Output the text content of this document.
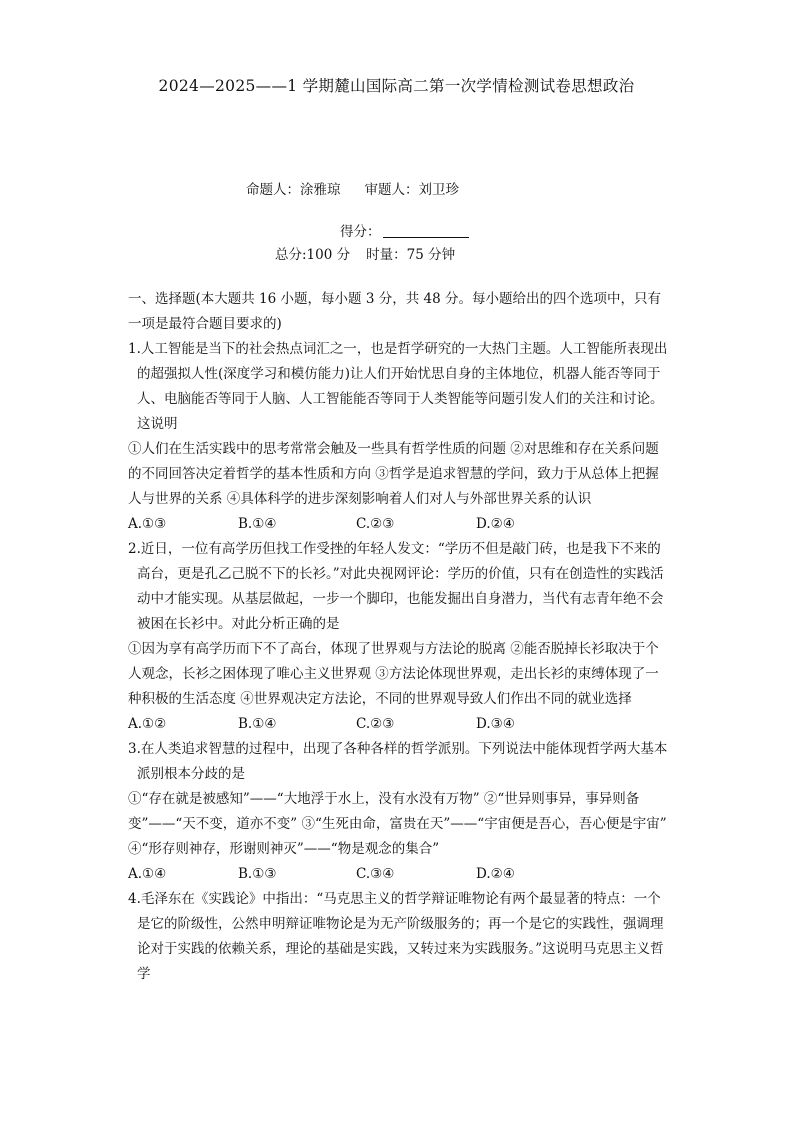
2024—2025——1 学期麓山国际高二第一次学情检测试卷思想政治
命题人：涂雅琼 审题人：刘卫珍
得分：
总分:100 分 时量：75 分钟

一、选择题(本大题共 16 小题，每小题 3 分，共 48 分。每小题给出的四个选项中，只有一项是最符合题目要求的)

1.人工智能是当下的社会热点词汇之一，也是哲学研究的一大热门主题。人工智能所表现出的超强拟人性(深度学习和模仿能力)让人们开始忧思自身的主体地位，机器人能否等同于人、电脑能否等同于人脑、人工智能能否等同于人类智能等问题引发人们的关注和讨论。这说明

①人们在生活实践中的思考常常会触及一些具有哲学性质的问题 ②对思维和存在关系问题的不同回答决定着哲学的基本性质和方向 ③哲学是追求智慧的学问，致力于从总体上把握人与世界的关系 ④具体科学的进步深刻影响着人们对人与外部世界关系的认识

A.①③	B.①④	C.②③	D.②④

2.近日，一位有高学历但找工作受挫的年轻人发文：“学历不但是敲门砖，也是我下不来的高台，更是孔乙己脱不下的长衫。”对此央视网评论：学历的价值，只有在创造性的实践活动中才能实现。从基层做起，一步一个脚印，也能发掘出自身潜力，当代有志青年绝不会被困在长衫中。对此分析正确的是

①因为享有高学历而下不了高台，体现了世界观与方法论的脱离 ②能否脱掉长衫取决于个人观念，长衫之困体现了唯心主义世界观 ③方法论体现世界观，走出长衫的束缚体现了一种积极的生活态度 ④世界观决定方法论，不同的世界观导致人们作出不同的就业选择

A.①②	B.①④	C.②③	D.③④

3.在人类追求智慧的过程中，出现了各种各样的哲学派别。下列说法中能体现哲学两大基本派别根本分歧的是

①“存在就是被感知”——“大地浮于水上，没有水没有万物” ②“世异则事异，事异则备变”——“天不变，道亦不变” ③“生死由命，富贵在天”——“宇宙便是吾心，吾心便是宇宙” ④“形存则神存，形谢则神灭”——“物是观念的集合”

A.①④	B.①③	C.③④	D.②④

4.毛泽东在《实践论》中指出：“马克思主义的哲学辩证唯物论有两个最显著的特点：一个是它的阶级性，公然申明辩证唯物论是为无产阶级服务的；再一个是它的实践性，强调理论对于实践的依赖关系，理论的基础是实践，又转过来为实践服务。”这说明马克思主义哲学
